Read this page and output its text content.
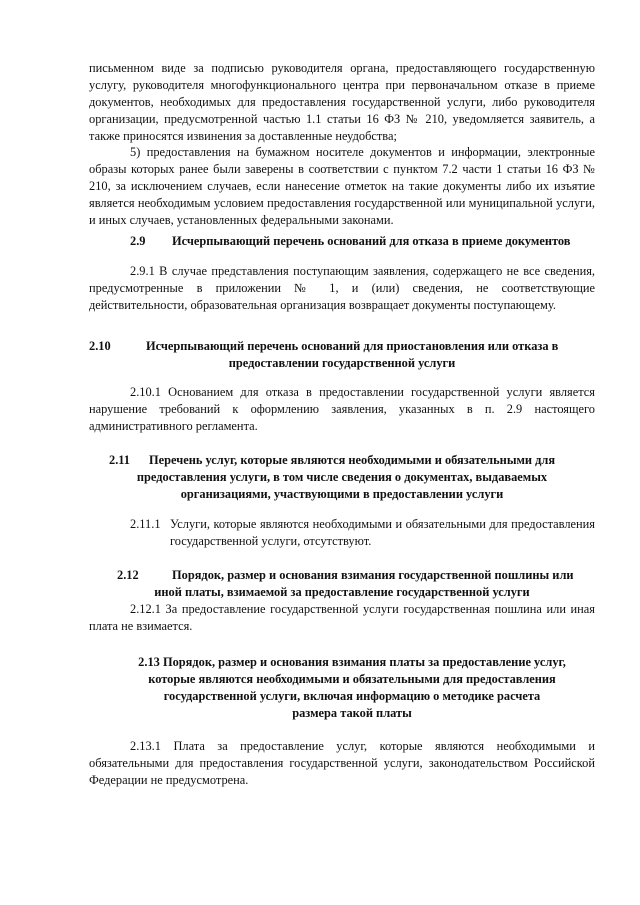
письменном виде за подписью руководителя органа, предоставляющего государственную услугу, руководителя многофункционального центра при первоначальном отказе в приеме документов, необходимых для предоставления государственной услуги, либо руководителя организации, предусмотренной частью 1.1 статьи 16 ФЗ № 210, уведомляется заявитель, а также приносятся извинения за доставленные неудобства;

5) предоставления на бумажном носителе документов и информации, электронные образы которых ранее были заверены в соответствии с пунктом 7.2 части 1 статьи 16 ФЗ № 210, за исключением случаев, если нанесение отметок на такие документы либо их изъятие является необходимым условием предоставления государственной или муниципальной услуги, и иных случаев, установленных федеральными законами.

2.9 Исчерпывающий перечень оснований для отказа в приеме документов

2.9.1 В случае представления поступающим заявления, содержащего не все сведения, предусмотренные в приложении № 1, и (или) сведения, не соответствующие действительности, образовательная организация возвращает документы поступающему.

2.10	Исчерпывающий перечень оснований для приостановления или отказа в

предоставлении государственной услуги

2.10.1 Основанием для отказа в предоставлении государственной услуги является нарушение требований к оформлению заявления, указанных в п. 2.9 настоящего административного регламента.

2.11 Перечень услуг, которые являются необходимыми и обязательными для

предоставления услуги, в том числе сведения о документах, выдаваемых

организациями, участвующими в предоставлении услуги

2.11.1 Услуги, которые являются необходимыми и обязательными для предоставления государственной услуги, отсутствуют.

2.12	Порядок, размер и основания взимания государственной пошлины или

иной платы, взимаемой за предоставление государственной услуги

2.12.1 За предоставление государственной услуги государственная пошлина или иная плата не взимается.

2.13 Порядок, размер и основания взимания платы за предоставление услуг,

которые являются необходимыми и обязательными для предоставления

государственной услуги, включая информацию о методике расчета

размера такой платы

2.13.1 Плата за предоставление услуг, которые являются необходимыми и обязательными для предоставления государственной услуги, законодательством Российской Федерации не предусмотрена.
